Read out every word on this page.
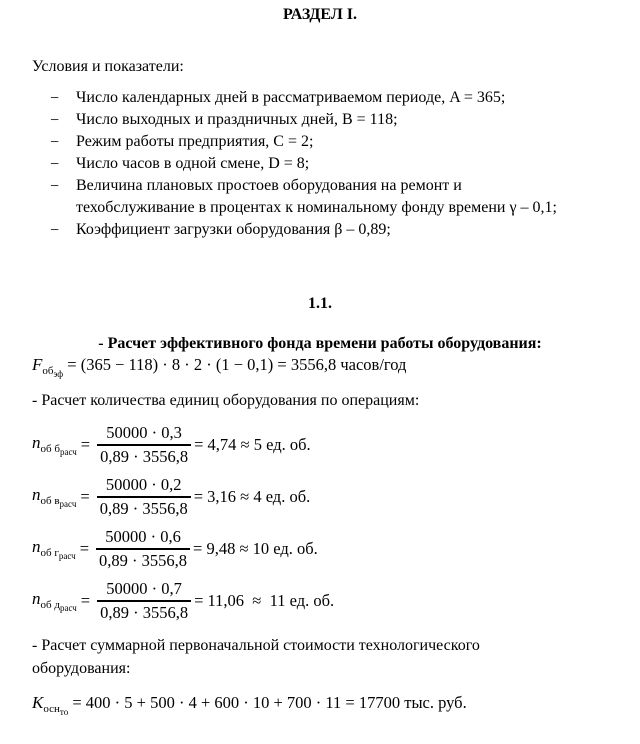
РАЗДЕЛ I.
Условия и показатели:
− Число календарных дней в рассматриваемом периоде, A = 365;
− Число выходных и праздничных дней, B = 118;
− Режим работы предприятия, C = 2;
− Число часов в одной смене, D = 8;
− Величина плановых простоев оборудования на ремонт и
техобслуживание в процентах к номинальному фонду времени γ – 0,1;
− Коэффициент загрузки оборудования β – 0,89;
1.1.
- Расчет эффективного фонда времени работы оборудования:
$F_{об_{эф}} = (365 - 118) \cdot 8 \cdot 2 \cdot (1 - 0,1) = 3556,8$ часов/год
- Расчет количества единиц оборудования по операциям:
$n_{об б_{расч}} = \frac{50000 \cdot 0,3}{0,89 \cdot 3556,8} = 4,74 \approx 5$ ед. об.
$n_{об в_{расч}} = \frac{50000 \cdot 0,2}{0,89 \cdot 3556,8} = 3,16 \approx 4$ ед. об.
$n_{об г_{расч}} = \frac{50000 \cdot 0,6}{0,89 \cdot 3556,8} = 9,48 \approx 10$ ед. об.
$n_{об д_{расч}} = \frac{50000 \cdot 0,7}{0,89 \cdot 3556,8} = 11,06 \approx 11$ ед. об.
- Расчет суммарной первоначальной стоимости технологического
оборудования:
$K_{осн_{то}} = 400 \cdot 5 + 500 \cdot 4 + 600 \cdot 10 + 700 \cdot 11 = 17700$ тыс. руб.
